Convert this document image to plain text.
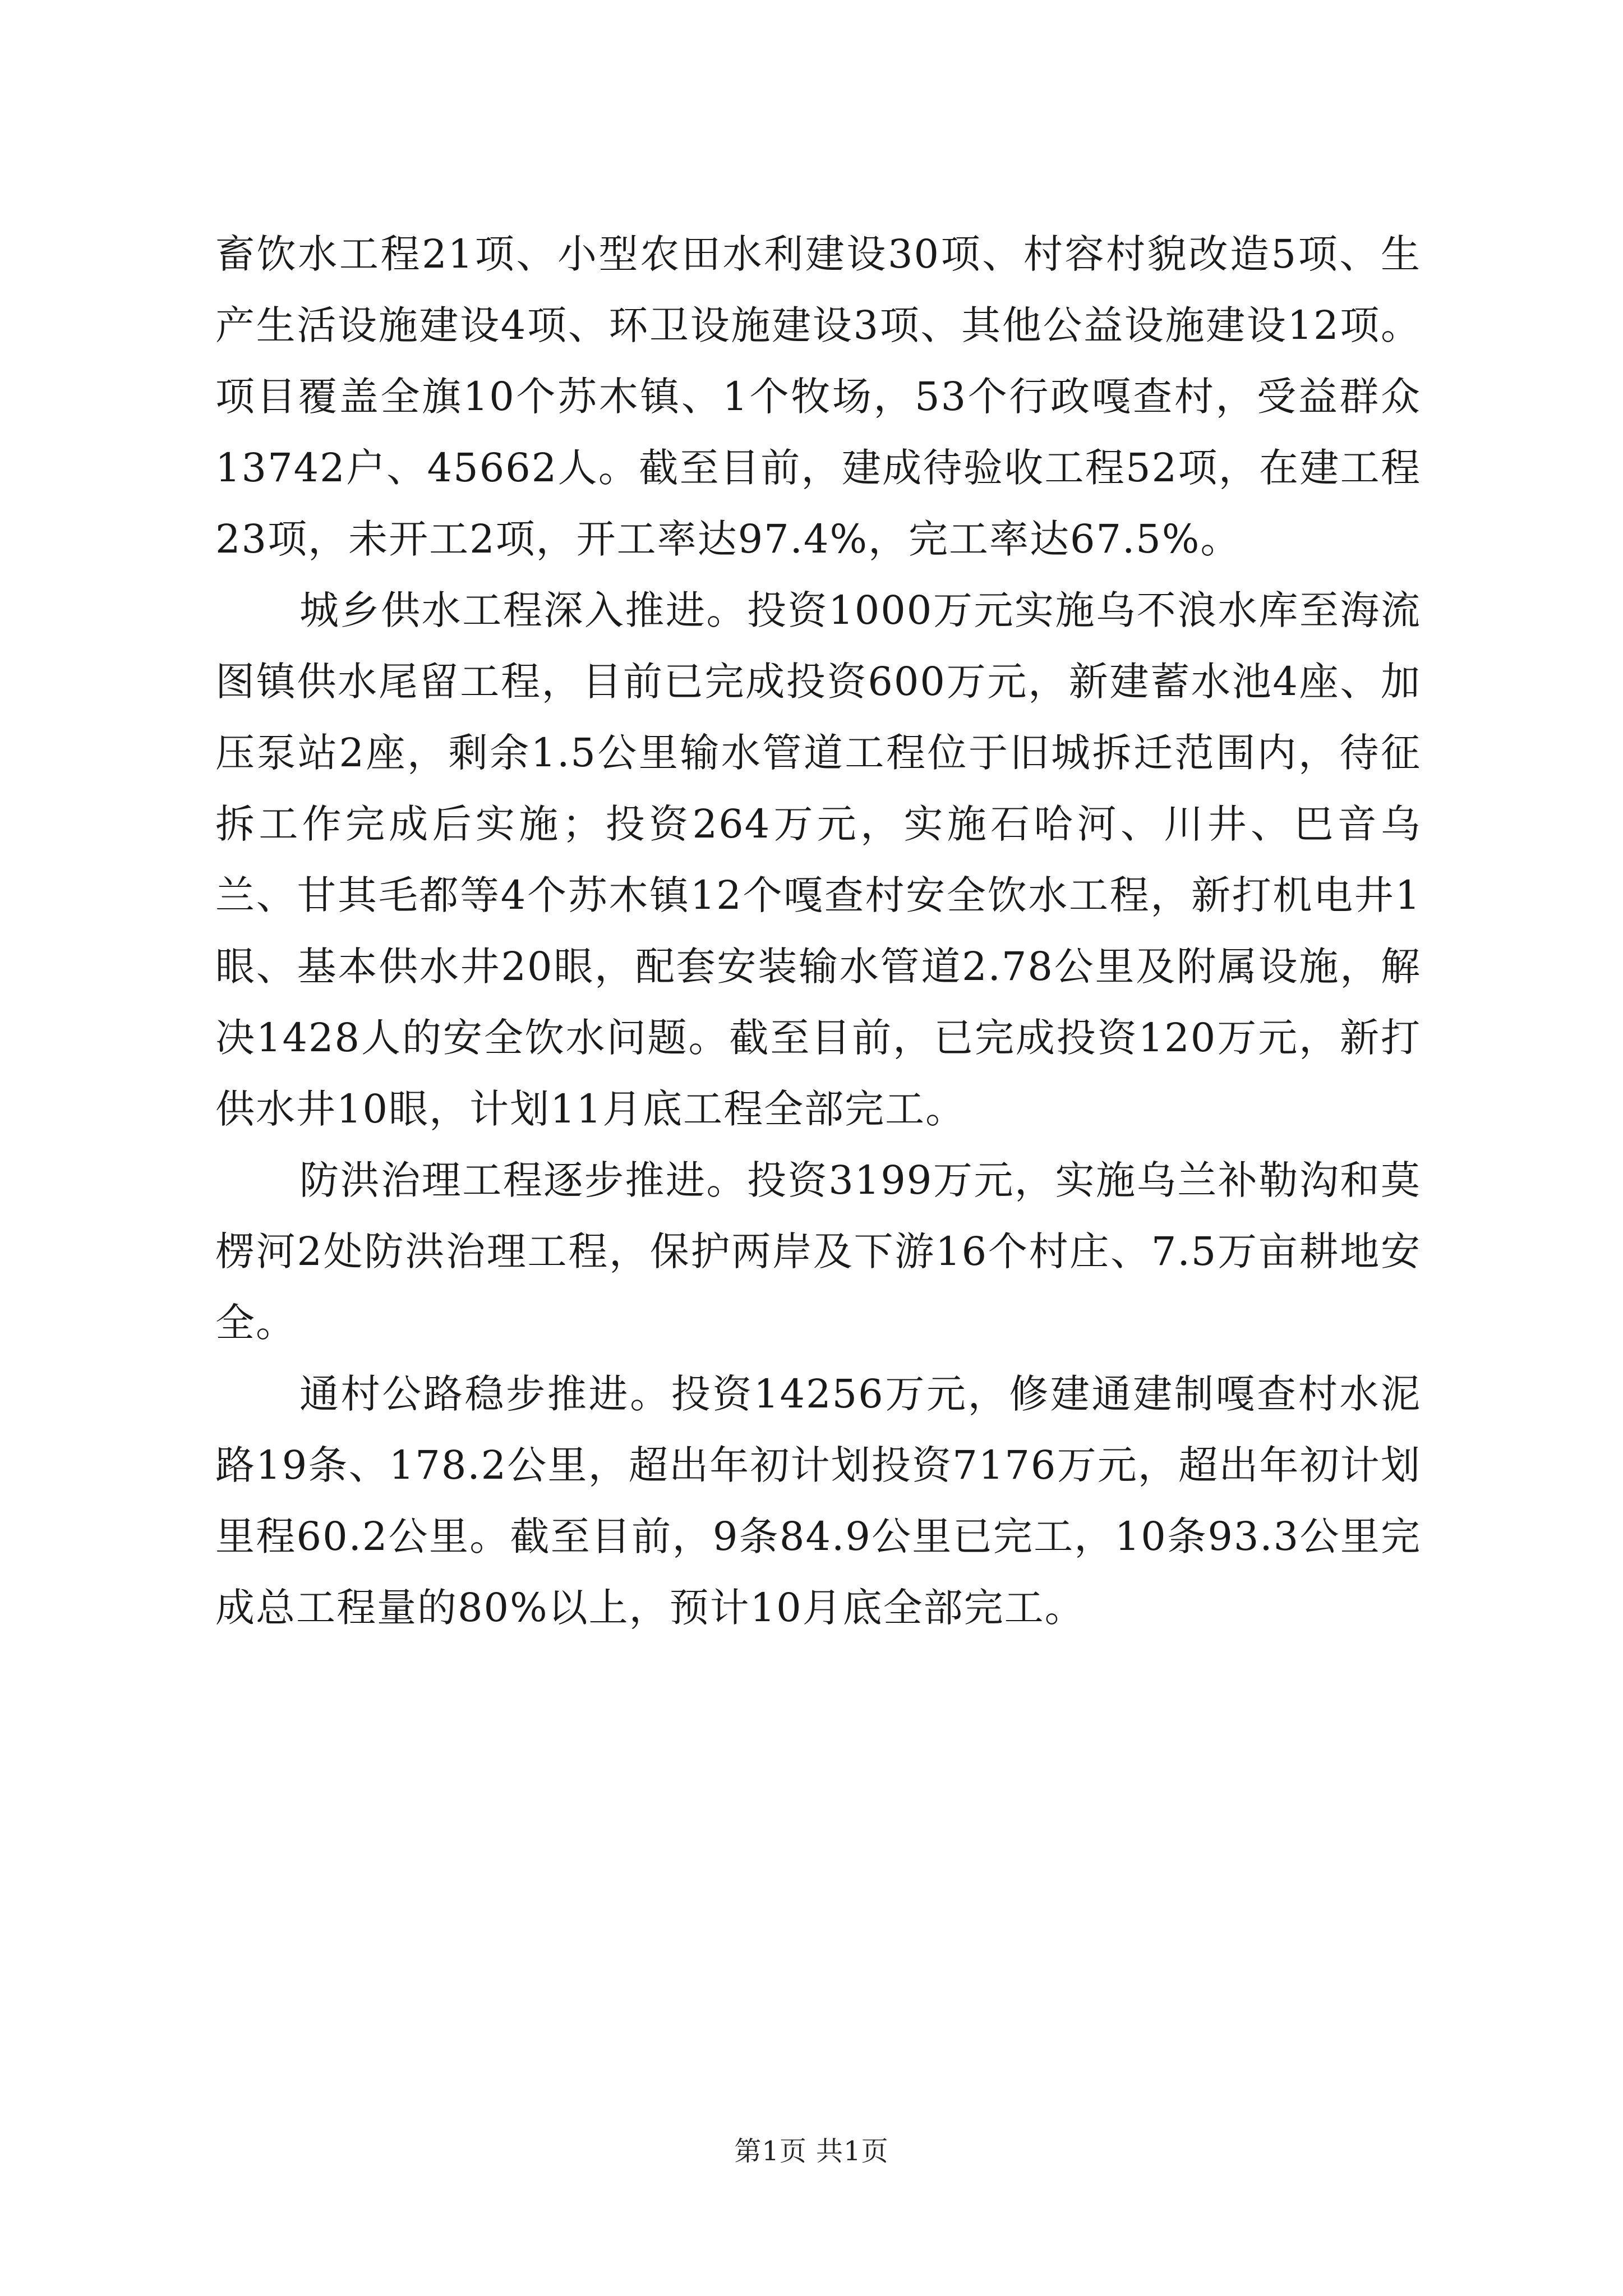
畜饮水工程21项、小型农田水利建设30项、村容村貌改造5项、生产生活设施建设4项、环卫设施建设3项、其他公益设施建设12项。项目覆盖全旗10个苏木镇、1个牧场，53个行政嘎查村，受益群众13742户、45662人。截至目前，建成待验收工程52项，在建工程23项，未开工2项，开工率达97.4%，完工率达67.5%。

城乡供水工程深入推进。投资1000万元实施乌不浪水库至海流图镇供水尾留工程，目前已完成投资600万元，新建蓄水池4座、加压泵站2座，剩余1.5公里输水管道工程位于旧城拆迁范围内，待征拆工作完成后实施；投资264万元，实施石哈河、川井、巴音乌兰、甘其毛都等4个苏木镇12个嘎查村安全饮水工程，新打机电井1眼、基本供水井20眼，配套安装输水管道2.78公里及附属设施，解决1428人的安全饮水问题。截至目前，已完成投资120万元，新打供水井10眼，计划11月底工程全部完工。

防洪治理工程逐步推进。投资3199万元，实施乌兰补勒沟和莫楞河2处防洪治理工程，保护两岸及下游16个村庄、7.5万亩耕地安全。

通村公路稳步推进。投资14256万元，修建通建制嘎查村水泥路19条、178.2公里，超出年初计划投资7176万元，超出年初计划里程60.2公里。截至目前，9条84.9公里已完工，10条93.3公里完成总工程量的80%以上，预计10月底全部完工。

第1页 共1页
